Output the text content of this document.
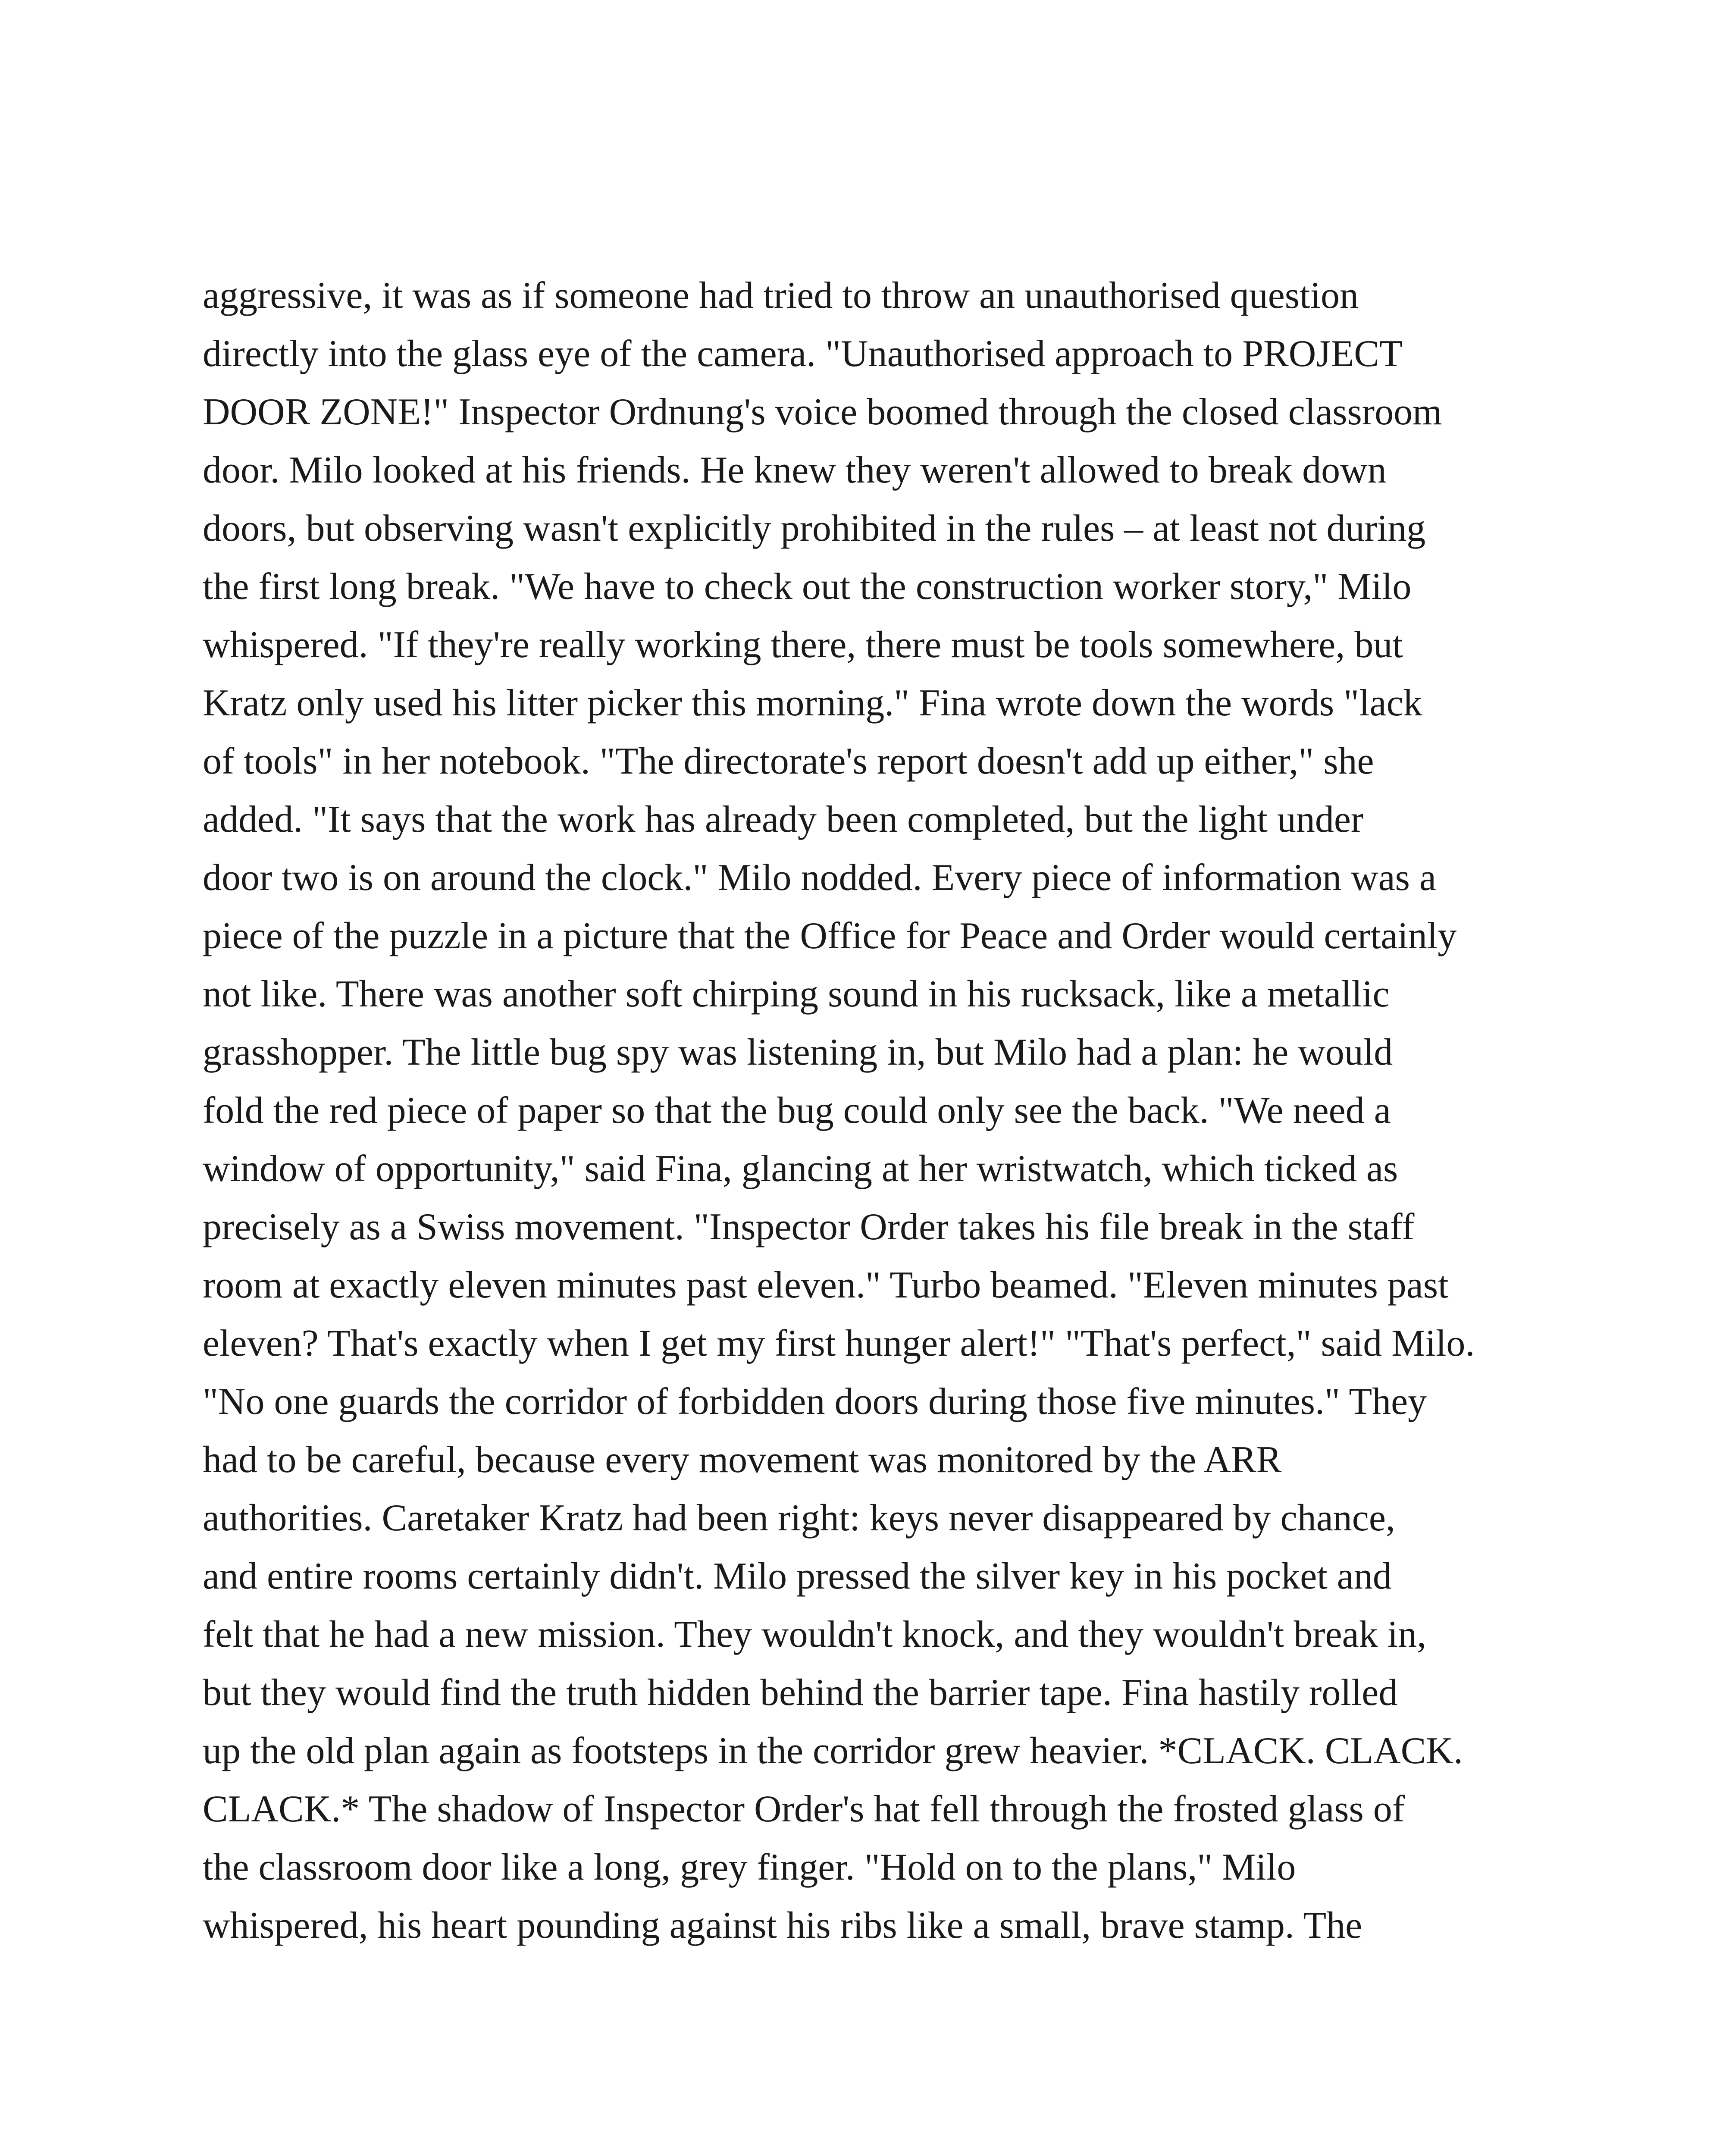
aggressive, it was as if someone had tried to throw an unauthorised question
directly into the glass eye of the camera. "Unauthorised approach to PROJECT
DOOR ZONE!" Inspector Ordnung's voice boomed through the closed classroom
door. Milo looked at his friends. He knew they weren't allowed to break down
doors, but observing wasn't explicitly prohibited in the rules – at least not during
the first long break. "We have to check out the construction worker story," Milo
whispered. "If they're really working there, there must be tools somewhere, but
Kratz only used his litter picker this morning." Fina wrote down the words "lack
of tools" in her notebook. "The directorate's report doesn't add up either," she
added. "It says that the work has already been completed, but the light under
door two is on around the clock." Milo nodded. Every piece of information was a
piece of the puzzle in a picture that the Office for Peace and Order would certainly
not like. There was another soft chirping sound in his rucksack, like a metallic
grasshopper. The little bug spy was listening in, but Milo had a plan: he would
fold the red piece of paper so that the bug could only see the back. "We need a
window of opportunity," said Fina, glancing at her wristwatch, which ticked as
precisely as a Swiss movement. "Inspector Order takes his file break in the staff
room at exactly eleven minutes past eleven." Turbo beamed. "Eleven minutes past
eleven? That's exactly when I get my first hunger alert!" "That's perfect," said Milo.
"No one guards the corridor of forbidden doors during those five minutes." They
had to be careful, because every movement was monitored by the ARR
authorities. Caretaker Kratz had been right: keys never disappeared by chance,
and entire rooms certainly didn't. Milo pressed the silver key in his pocket and
felt that he had a new mission. They wouldn't knock, and they wouldn't break in,
but they would find the truth hidden behind the barrier tape. Fina hastily rolled
up the old plan again as footsteps in the corridor grew heavier. *CLACK. CLACK.
CLACK.* The shadow of Inspector Order's hat fell through the frosted glass of
the classroom door like a long, grey finger. "Hold on to the plans," Milo
whispered, his heart pounding against his ribs like a small, brave stamp. The
